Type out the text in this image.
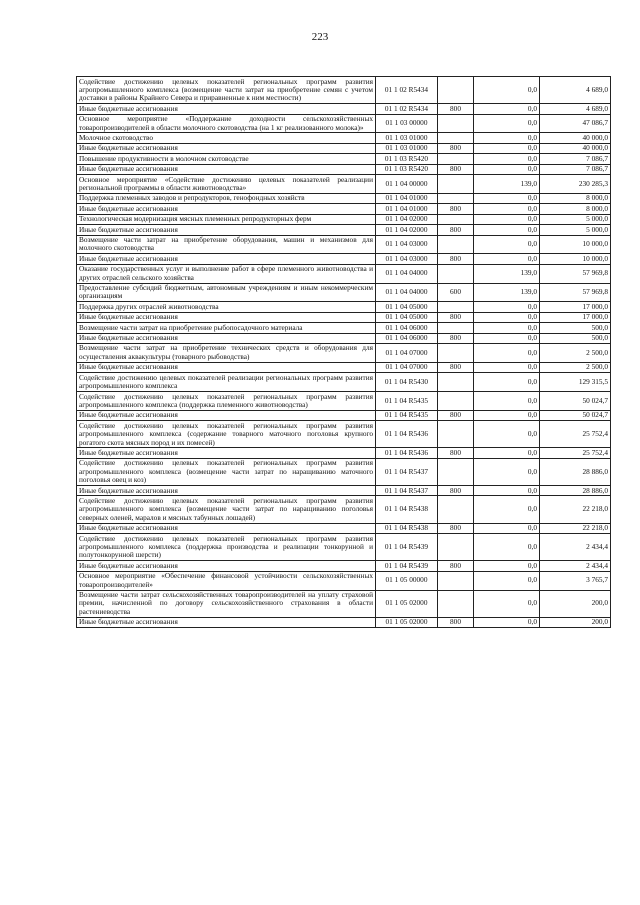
223
Содействие достижению целевых показателей региональных программ развития агропромышленного комплекса (возмещение части затрат на приобретение семян с учетом доставки в районы Крайнего Севера и приравненные к ним местности)	01 1 02 R5434		0,0	4 689,0
Иные бюджетные ассигнования	01 1 02 R5434	800	0,0	4 689,0
Основное мероприятие «Поддержание доходности сельскохозяйственных товаропроизводителей в области молочного скотоводства (на 1 кг реализованного молока)»	01 1 03 00000		0,0	47 086,7
Молочное скотоводство	01 1 03 01000		0,0	40 000,0
Иные бюджетные ассигнования	01 1 03 01000	800	0,0	40 000,0
Повышение продуктивности в молочном скотоводстве	01 1 03 R5420		0,0	7 086,7
Иные бюджетные ассигнования	01 1 03 R5420	800	0,0	7 086,7
Основное мероприятие «Содействие достижению целевых показателей реализации региональной программы в области животноводства»	01 1 04 00000		139,0	230 285,3
Поддержка племенных заводов и репродукторов, генофондных хозяйств	01 1 04 01000		0,0	8 000,0
Иные бюджетные ассигнования	01 1 04 01000	800	0,0	8 000,0
Технологическая модернизация мясных племенных репродукторных ферм	01 1 04 02000		0,0	5 000,0
Иные бюджетные ассигнования	01 1 04 02000	800	0,0	5 000,0
Возмещение части затрат на приобретение оборудования, машин и механизмов для молочного скотоводства	01 1 04 03000		0,0	10 000,0
Иные бюджетные ассигнования	01 1 04 03000	800	0,0	10 000,0
Оказание государственных услуг и выполнение работ в сфере племенного животноводства и других отраслей сельского хозяйства	01 1 04 04000		139,0	57 969,8
Предоставление субсидий бюджетным, автономным учреждениям и иным некоммерческим организациям	01 1 04 04000	600	139,0	57 969,8
Поддержка других отраслей животноводства	01 1 04 05000		0,0	17 000,0
Иные бюджетные ассигнования	01 1 04 05000	800	0,0	17 000,0
Возмещение части затрат на приобретение рыбопосадочного материала	01 1 04 06000		0,0	500,0
Иные бюджетные ассигнования	01 1 04 06000	800	0,0	500,0
Возмещение части затрат на приобретение технических средств и оборудования для осуществления аквакультуры (товарного рыбоводства)	01 1 04 07000		0,0	2 500,0
Иные бюджетные ассигнования	01 1 04 07000	800	0,0	2 500,0
Содействие достижению целевых показателей реализации региональных программ развития агропромышленного комплекса	01 1 04 R5430		0,0	129 315,5
Содействие достижению целевых показателей региональных программ развития агропромышленного комплекса (поддержка племенного животноводства)	01 1 04 R5435		0,0	50 024,7
Иные бюджетные ассигнования	01 1 04 R5435	800	0,0	50 024,7
Содействие достижению целевых показателей региональных программ развития агропромышленного комплекса (содержание товарного маточного поголовья крупного рогатого скота мясных пород и их помесей)	01 1 04 R5436		0,0	25 752,4
Иные бюджетные ассигнования	01 1 04 R5436	800	0,0	25 752,4
Содействие достижению целевых показателей региональных программ развития агропромышленного комплекса (возмещение части затрат по наращиванию маточного поголовья овец и коз)	01 1 04 R5437		0,0	28 886,0
Иные бюджетные ассигнования	01 1 04 R5437	800	0,0	28 886,0
Содействие достижению целевых показателей региональных программ развития агропромышленного комплекса (возмещение части затрат по наращиванию поголовья северных оленей, маралов и мясных табунных лошадей)	01 1 04 R5438		0,0	22 218,0
Иные бюджетные ассигнования	01 1 04 R5438	800	0,0	22 218,0
Содействие достижению целевых показателей региональных программ развития агропромышленного комплекса (поддержка производства и реализации тонкорунной и полутонкорунной шерсти)	01 1 04 R5439		0,0	2 434,4
Иные бюджетные ассигнования	01 1 04 R5439	800	0,0	2 434,4
Основное мероприятие «Обеспечение финансовой устойчивости сельскохозяйственных товаропроизводителей»	01 1 05 00000		0,0	3 765,7
Возмещение части затрат сельскохозяйственных товаропроизводителей на уплату страховой премии, начисленной по договору сельскохозяйственного страхования в области растениеводства	01 1 05 02000		0,0	200,0
Иные бюджетные ассигнования	01 1 05 02000	800	0,0	200,0
